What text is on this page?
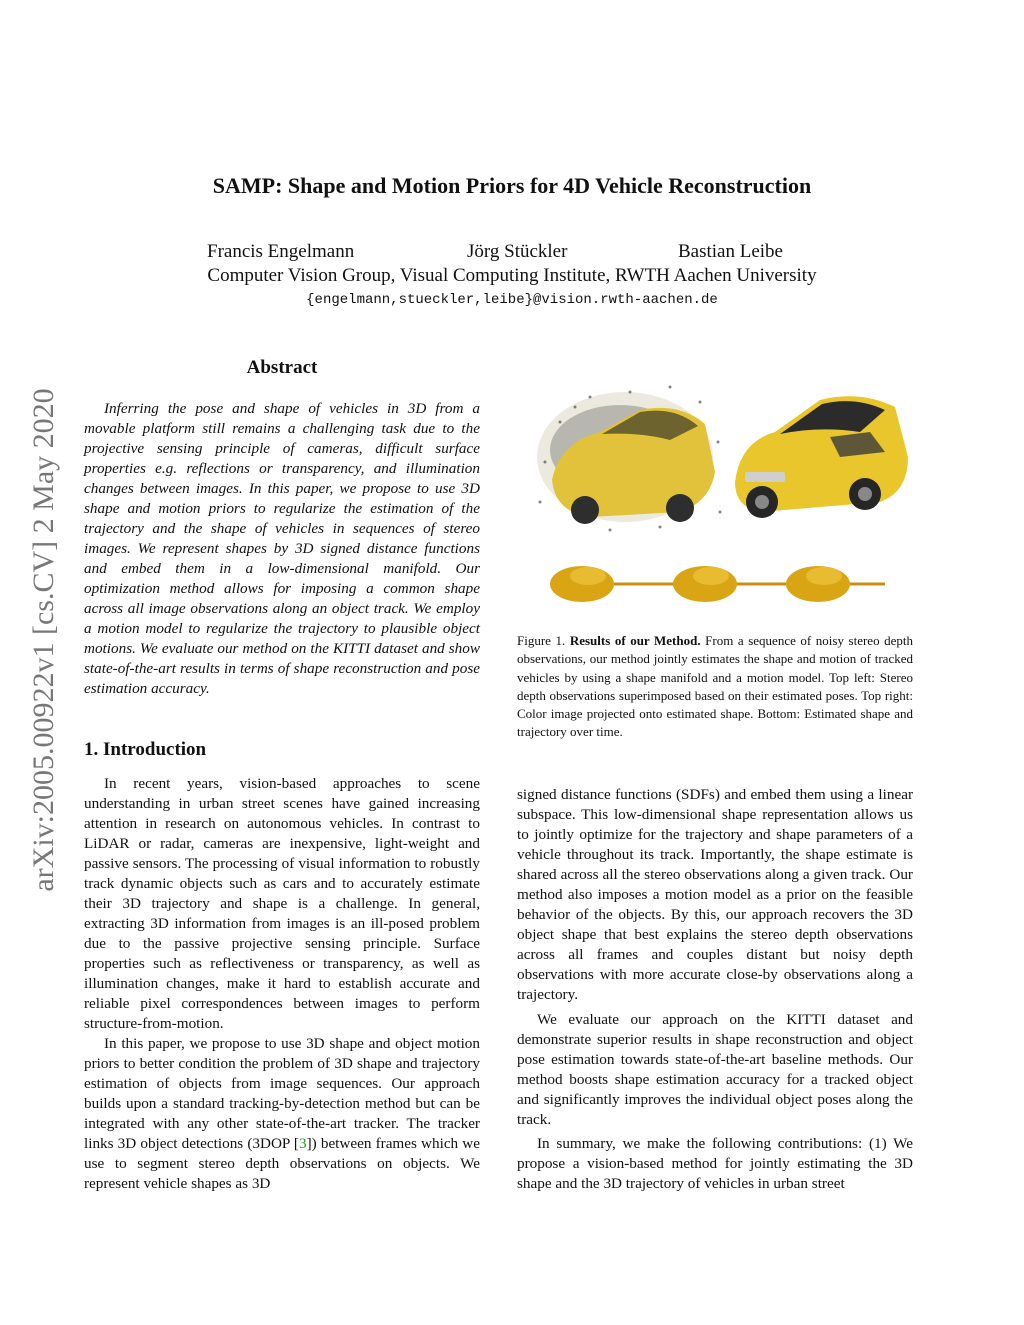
SAMP: Shape and Motion Priors for 4D Vehicle Reconstruction
Francis Engelmann	Jörg Stückler	Bastian Leibe
Computer Vision Group, Visual Computing Institute, RWTH Aachen University
{engelmann,stueckler,leibe}@vision.rwth-aachen.de
arXiv:2005.00922v1 [cs.CV] 2 May 2020
Abstract

Inferring the pose and shape of vehicles in 3D from a movable platform still remains a challenging task due to the projective sensing principle of cameras, difficult surface properties e.g. reflections or transparency, and illumination changes between images. In this paper, we propose to use 3D shape and motion priors to regularize the estimation of the trajectory and the shape of vehicles in sequences of stereo images. We represent shapes by 3D signed distance functions and embed them in a low-dimensional manifold. Our optimization method allows for imposing a common shape across all image observations along an object track. We employ a motion model to regularize the trajectory to plausible object motions. We evaluate our method on the KITTI dataset and show state-of-the-art results in terms of shape reconstruction and pose estimation accuracy.

1. Introduction

In recent years, vision-based approaches to scene understanding in urban street scenes have gained increasing attention in research on autonomous vehicles. In contrast to LiDAR or radar, cameras are inexpensive, light-weight and passive sensors. The processing of visual information to robustly track dynamic objects such as cars and to accurately estimate their 3D trajectory and shape is a challenge. In general, extracting 3D information from images is an ill-posed problem due to the passive projective sensing principle. Surface properties such as reflectiveness or transparency, as well as illumination changes, make it hard to establish accurate and reliable pixel correspondences between images to perform structure-from-motion.

In this paper, we propose to use 3D shape and object motion priors to better condition the problem of 3D shape and trajectory estimation of objects from image sequences. Our approach builds upon a standard tracking-by-detection method but can be integrated with any other state-of-the-art tracker. The tracker links 3D object detections (3DOP [3]) between frames which we use to segment stereo depth observations on objects. We represent vehicle shapes as 3D

Figure 1. Results of our Method. From a sequence of noisy stereo depth observations, our method jointly estimates the shape and motion of tracked vehicles by using a shape manifold and a motion model. Top left: Stereo depth observations superimposed based on their estimated poses. Top right: Color image projected onto estimated shape. Bottom: Estimated shape and trajectory over time.

signed distance functions (SDFs) and embed them using a linear subspace. This low-dimensional shape representation allows us to jointly optimize for the trajectory and shape parameters of a vehicle throughout its track. Importantly, the shape estimate is shared across all the stereo observations along a given track. Our method also imposes a motion model as a prior on the feasible behavior of the objects. By this, our approach recovers the 3D object shape that best explains the stereo depth observations across all frames and couples distant but noisy depth observations with more accurate close-by observations along a trajectory.

We evaluate our approach on the KITTI dataset and demonstrate superior results in shape reconstruction and object pose estimation towards state-of-the-art baseline methods. Our method boosts shape estimation accuracy for a tracked object and significantly improves the individual object poses along the track.

In summary, we make the following contributions: (1) We propose a vision-based method for jointly estimating the 3D shape and the 3D trajectory of vehicles in urban street
